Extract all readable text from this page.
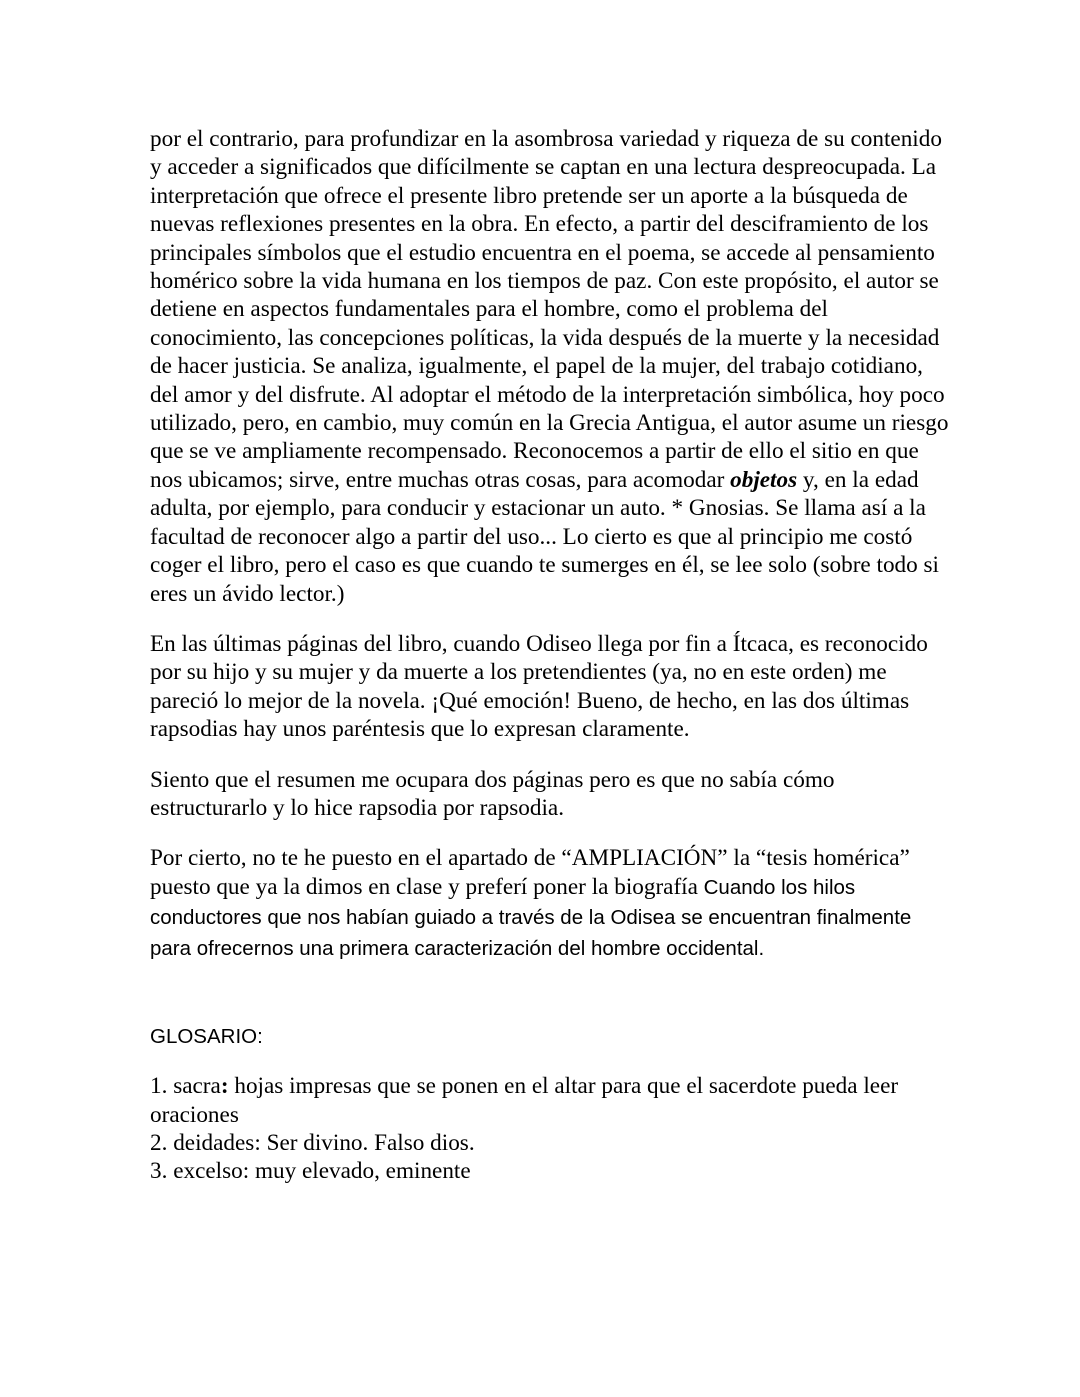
por el contrario, para profundizar en la asombrosa variedad y riqueza de su contenido y acceder a significados que difícilmente se captan en una lectura despreocupada. La interpretación que ofrece el presente libro pretende ser un aporte a la búsqueda de nuevas reflexiones presentes en la obra. En efecto, a partir del desciframiento de los principales símbolos que el estudio encuentra en el poema, se accede al pensamiento homérico sobre la vida humana en los tiempos de paz. Con este propósito, el autor se detiene en aspectos fundamentales para el hombre, como el problema del conocimiento, las concepciones políticas, la vida después de la muerte y la necesidad de hacer justicia. Se analiza, igualmente, el papel de la mujer, del trabajo cotidiano, del amor y del disfrute. Al adoptar el método de la interpretación simbólica, hoy poco utilizado, pero, en cambio, muy común en la Grecia Antigua, el autor asume un riesgo que se ve ampliamente recompensado. Reconocemos a partir de ello el sitio en que nos ubicamos; sirve, entre muchas otras cosas, para acomodar objetos y, en la edad adulta, por ejemplo, para conducir y estacionar un auto. * Gnosias. Se llama así a la facultad de reconocer algo a partir del uso... Lo cierto es que al principio me costó coger el libro, pero el caso es que cuando te sumerges en él, se lee solo (sobre todo si eres un ávido lector.)

En las últimas páginas del libro, cuando Odiseo llega por fin a Ítcaca, es reconocido por su hijo y su mujer y da muerte a los pretendientes (ya, no en este orden) me pareció lo mejor de la novela. ¡Qué emoción! Bueno, de hecho, en las dos últimas rapsodias hay unos paréntesis que lo expresan claramente.

Siento que el resumen me ocupara dos páginas pero es que no sabía cómo estructurarlo y lo hice rapsodia por rapsodia.

Por cierto, no te he puesto en el apartado de “AMPLIACIÓN” la “tesis homérica” puesto que ya la dimos en clase y preferí poner la biografía Cuando los hilos conductores que nos habían guiado a través de la Odisea se encuentran finalmente para ofrecernos una primera caracterización del hombre occidental.

GLOSARIO:

1. sacra: hojas impresas que se ponen en el altar para que el sacerdote pueda leer oraciones

2. deidades: Ser divino. Falso dios.

3. excelso: muy elevado, eminente
